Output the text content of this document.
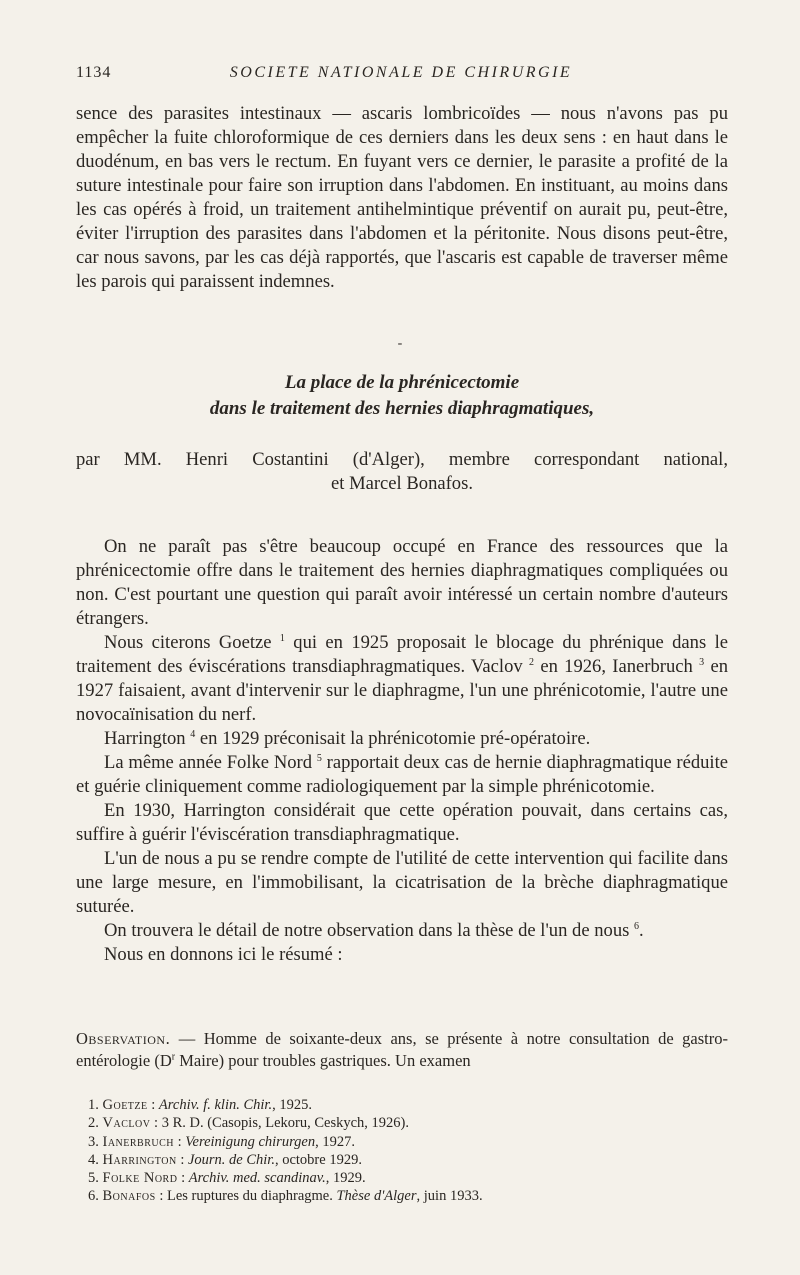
1134	SOCIETE NATIONALE DE CHIRURGIE

sence des parasites intestinaux — ascaris lombricoïdes — nous n'avons pas pu empêcher la fuite chloroformique de ces derniers dans les deux sens : en haut dans le duodénum, en bas vers le rectum. En fuyant vers ce dernier, le parasite a profité de la suture intestinale pour faire son irruption dans l'abdomen. En instituant, au moins dans les cas opérés à froid, un traitement antihelmintique préventif on aurait pu, peut-être, éviter l'irruption des parasites dans l'abdomen et la péritonite. Nous disons peut-être, car nous savons, par les cas déjà rapportés, que l'ascaris est capable de traverser même les parois qui paraissent indemnes.

-
La place de la phrénicectomie
dans le traitement des hernies diaphragmatiques,
par MM. Henri Costantini (d'Alger), membre correspondant national,
et Marcel Bonafos.

On ne paraît pas s'être beaucoup occupé en France des ressources que la phrénicectomie offre dans le traitement des hernies diaphragmatiques compliquées ou non. C'est pourtant une question qui paraît avoir intéressé un certain nombre d'auteurs étrangers.

Nous citerons Goetze $^1$ qui en 1925 proposait le blocage du phrénique dans le traitement des éviscérations transdiaphragmatiques. Vaclov $^2$ en 1926, Ianerbruch $^3$ en 1927 faisaient, avant d'intervenir sur le diaphragme, l'un une phrénicotomie, l'autre une novocaïnisation du nerf.

Harrington $^4$ en 1929 préconisait la phrénicotomie pré-opératoire.

La même année Folke Nord $^5$ rapportait deux cas de hernie diaphragmatique réduite et guérie cliniquement comme radiologiquement par la simple phrénicotomie.

En 1930, Harrington considérait que cette opération pouvait, dans certains cas, suffire à guérir l'éviscération transdiaphragmatique.

L'un de nous a pu se rendre compte de l'utilité de cette intervention qui facilite dans une large mesure, en l'immobilisant, la cicatrisation de la brèche diaphragmatique suturée.

On trouvera le détail de notre observation dans la thèse de l'un de nous $^6$.

Nous en donnons ici le résumé :

Observation. — Homme de soixante-deux ans, se présente à notre consultation de gastro-entérologie ($D^r$ Maire) pour troubles gastriques. Un examen
1. Goetze : Archiv. f. klin. Chir., 1925.
2. Vaclov : 3 R. D. (Casopis, Lekoru, Ceskych, 1926).
3. Ianerbruch : Vereinigung chirurgen, 1927.
4. Harrington : Journ. de Chir., octobre 1929.
5. Folke Nord : Archiv. med. scandinav., 1929.
6. Bonafos : Les ruptures du diaphragme. Thèse d'Alger, juin 1933.
